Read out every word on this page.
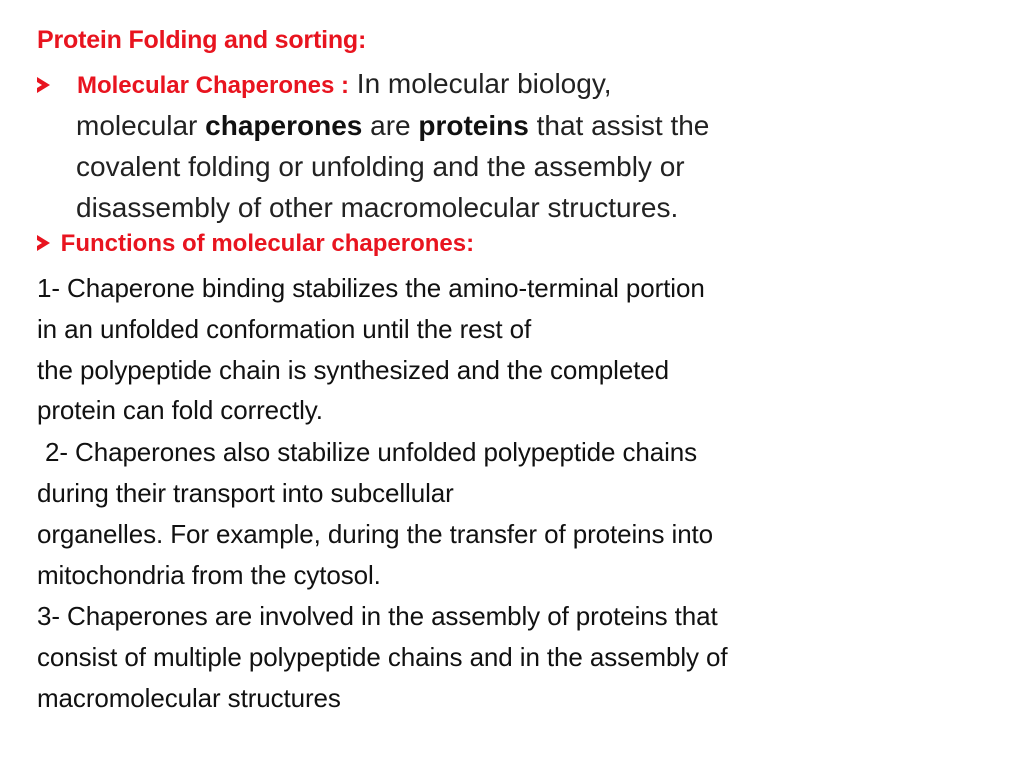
Protein Folding and sorting:
Molecular Chaperones : In molecular biology,
molecular chaperones are proteins that assist the
covalent folding or unfolding and the assembly or
disassembly of other macromolecular structures.
Functions of molecular chaperones:
1- Chaperone binding stabilizes the amino-terminal portion
in an unfolded conformation until the rest of
the polypeptide chain is synthesized and the completed
protein can fold correctly.
2- Chaperones also stabilize unfolded polypeptide chains
during their transport into subcellular
organelles. For example, during the transfer of proteins into
mitochondria from the cytosol.
3- Chaperones are involved in the assembly of proteins that
consist of multiple polypeptide chains and in the assembly of
macromolecular structures
